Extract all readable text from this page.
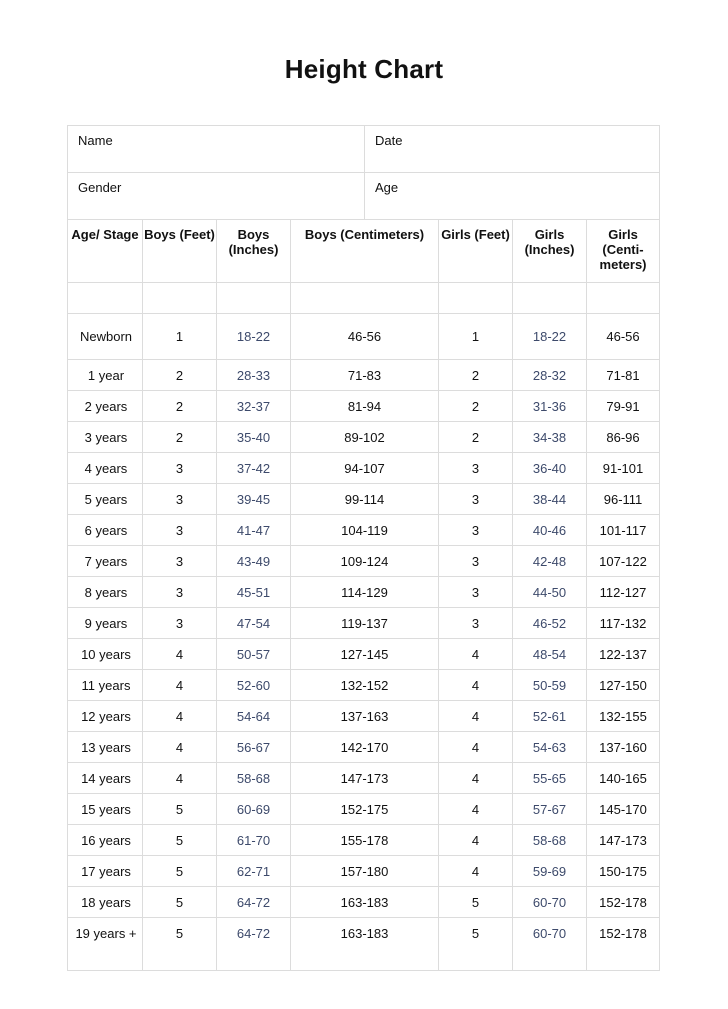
Height Chart
Name				Date			
Gender				Age			
Age/ Stage	Boys (Feet)	Boys (Inches)	Boys (Centimeters)		Girls (Feet)	Girls (Inches)	Girls (Centi- meters)

Newborn	1	18-22	46-56		1	18-22	46-56
1 year	2	28-33	71-83		2	28-32	71-81
2 years	2	32-37	81-94		2	31-36	79-91
3 years	2	35-40	89-102		2	34-38	86-96
4 years	3	37-42	94-107		3	36-40	91-101
5 years	3	39-45	99-114		3	38-44	96-111
6 years	3	41-47	104-119		3	40-46	101-117
7 years	3	43-49	109-124		3	42-48	107-122
8 years	3	45-51	114-129		3	44-50	112-127
9 years	3	47-54	119-137		3	46-52	117-132
10 years	4	50-57	127-145		4	48-54	122-137
11 years	4	52-60	132-152		4	50-59	127-150
12 years	4	54-64	137-163		4	52-61	132-155
13 years	4	56-67	142-170		4	54-63	137-160
14 years	4	58-68	147-173		4	55-65	140-165
15 years	5	60-69	152-175		4	57-67	145-170
16 years	5	61-70	155-178		4	58-68	147-173
17 years	5	62-71	157-180		4	59-69	150-175
18 years	5	64-72	163-183		5	60-70	152-178
19 years +	5	64-72	163-183		5	60-70	152-178
